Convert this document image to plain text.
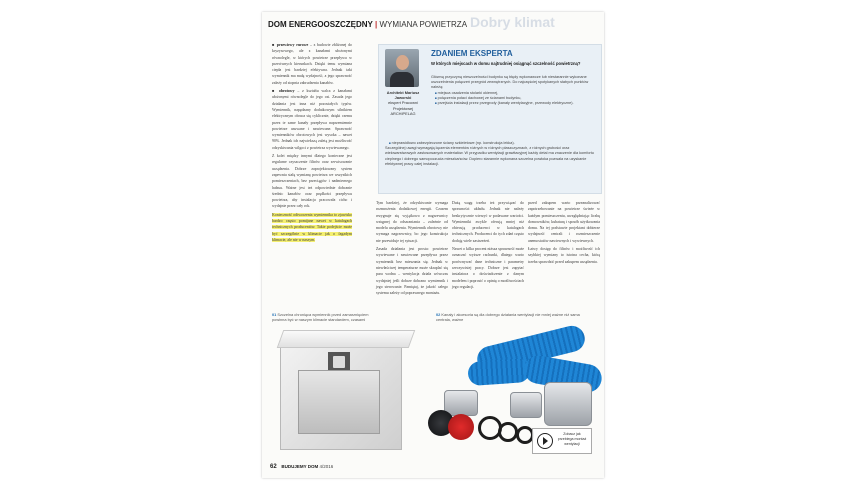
Dobry klimat
DOM ENERGOOSZCZĘDNY | WYMIANA POWIETRZA

■ przewiewy rurowe – z budowie zbliżonej do kryzysowego, ale z kanałami ułożonymi równolegle, w których powietrze przepływa w przeciwnych kierunkach. Dzięki temu wymiana ciepła jest bardziej efektywna. Jednak taki wymiennik ma małą wydajność, a jego sprawność zależy od stopnia zabrudzenia kanałów.

■ obrotowy – z kształtu walca z kanałami ułożonymi równolegle do jego osi. Zasada jego działania jest inna niż pozostałych typów. Wymiennik, napędzany dodatkowym silnikiem elektrycznym obraca się cyklicznie, dzięki czemu przez te same kanały przepływa naprzemiennie powietrze usuwane i nawiewane. Sprawność wymienników obrotowych jest wysoka – nawet 90%. Jednak ich najwiekszą zaletą jest możliwość odzyskiwania wilgoci z powietrza wywiewanego.

Z kolei między innymi dlatego konieczne jest regularne czyszczenie filtrów oraz serwisowanie urządzenia. Dobrze zaprojektowany system zapewnia stałą wymianę powietrza we wszystkich pomieszczeniach, bez przeciągów i nadmiernego hałasu. Ważne jest też odpowiednie dobranie średnic kanałów oraz prędkości przepływu powietrza, aby instalacja pracowała cicho i wydajnie przez cały rok.

Konieczność odtworzenia wymiennika to zjawisko bardzo często pomijane nawet w katalogach technicznych producentów. Takie podejście może być szczególnie w klimacie jak o fagadym klimacie, ale nie w naszym.

Architekt Mariusz Jaworski
ekspert Pracowni Projektowej ARCHIPELAG
ZDANIEM EKSPERTA
W których miejscach w domu najtrudniej osiągnąć szczelność powietrzną?
Główną przyczyną nieszczelności budynku są błędy wykonawcze lub niestarannie wykonane uszczelnienia połączeń przegród zewnętrznych. Do najczęściej spotykanych słabych punktów należą:
■ miejsca osadzenia stolarki okiennej,
■ połączenia połaci dachowej ze ścianami budynku,
■ przejścia instalacji przez przegrody (kanały wentylacyjne, przewody elektryczne).
■ nieprawidłowo zabezpieczone ściany szkieletowe (np. konstrukcja lekka).

Szczególnej uwagi wymagają łączenia elementów różnych w różnych płaszczyznach, z różnych grubości oraz wielowarstwowych zastosowanych materiałów. W przypadku wentylacji grawitacyjnej każdy detal ma znaczenie dla komfortu cieplnego i dobrego samopoczucia mieszkańców. Dopiero starannie wykonana szczelna powłoka pozwala na uzyskanie efektywnej pracy całej instalacji.

Tym bardziej, że odzyskiwanie wymaga rozmrożenia dodatkowej energii. Czasem rezygnuje się wyjątkowo z nagrzewnicy wstępnej do odszraniania – zależnie od modelu urządzenia. Wymiennik obrotowy nie wymaga nagrzewnicy, bo jego konstrukcja nie przewiduje tej sytuacji.

Zasada działania jest prosta: powietrze wywiewane i nawiewane przepływa przez wymiennik bez mieszania się. Jednak w niewłaściwej temperaturze może skraplać się para wodna – wentylacja działa wówczas wydajniej jeśli dobrze dobrano wymiennik i jego sterowanie. Pamiętaj, że jakość całego systemu zależy od poprawnego montażu.

Dużą wagę trzeba też przywiązać do sprawności układu. Jednak nie należy bezkrytycznie wierzyć w podawane wartości. Wymienniki zwykle oferują mniej niż obiecują producenci w katalogach technicznych. Producenci do tych zdań często dodają wiele zastrzeżeń.

Nawet o kilka procent niższa sprawność może oznaczać wyższe rachunki, dlatego warto porównywać dane techniczne i parametry rzeczywistej pracy. Dobrze jest zapytać instalatora o doświadczenie z danym modelem i poprosić o opinię o możliwościach jego regulacji.

przed zakupem warto przeanalizować zapotrzebowanie na powietrze świeże w każdym pomieszczeniu, uwzględniając liczbę domowników, kubaturę i sposób użytkowania domu. Na tej podstawie projektant dobierze wydajność centrali i rozmieszczenie anemostatów nawiewnych i wywiewnych.

Łatwy dostęp do filtrów i możliwość ich szybkiej wymiany to istotna cecha, którą trzeba sprawdzić przed zakupem urządzenia.

01 Szczelna chroniąca wymiennik przed zamarznięciem powinna być w naszym klimacie standardem, czasami
02 Kanały i akcesoria są dla dobrego działania wentylacji nie mniej ważne niż sama centrala, ważne
Zobacz jak przebiega montaż wentylacji
62 BUDUJEMY DOM 4/2016
